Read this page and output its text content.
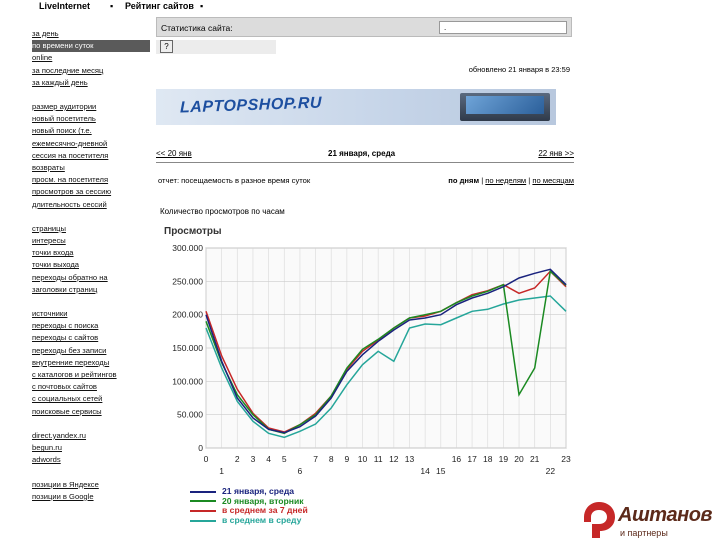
LiveInternet ▪ Рейтинг сайтов ▪
за день
по времени суток
online
за последние месяц
за каждый день
размер аудитории
новый посетитель
новый поиск (т.е.
ежемесячно-дневной
сессия на посетителя
возвраты
просм. на посетителя
просмотров за сессию
длительность сессий
страницы
интересы
точки входа
точки выхода
переходы обратно на
заголовки страниц
источники
переходы с поиска
переходы с сайтов
переходы без записи
внутренние переходы
с каталогов и рейтингов
с почтовых сайтов
с социальных сетей
поисковые сервисы
direct.yandex.ru
begun.ru
adwords
позиции в Яндексе
позиции в Google
Статистика сайта:	.
?
обновлено 21 января в 23:59
LAPTOPSHOP.RU
<< 20 янв	21 января, среда	22 янв >>
отчет: посещаемость в разное время суток	по дням | по неделям | по месяцам
Количество просмотров по часам
Просмотры
0
50.000
100.000
150.000
200.000
250.000
300.000
0	2	4 5	7	9	11
14
16	19
22
1
3
6
8	10	12 13
15
17 18	20 21	23
21 января, среда
20 января, вторник
в среднем за 7 дней
в среднем в среду	Аштанов
и партнеры
